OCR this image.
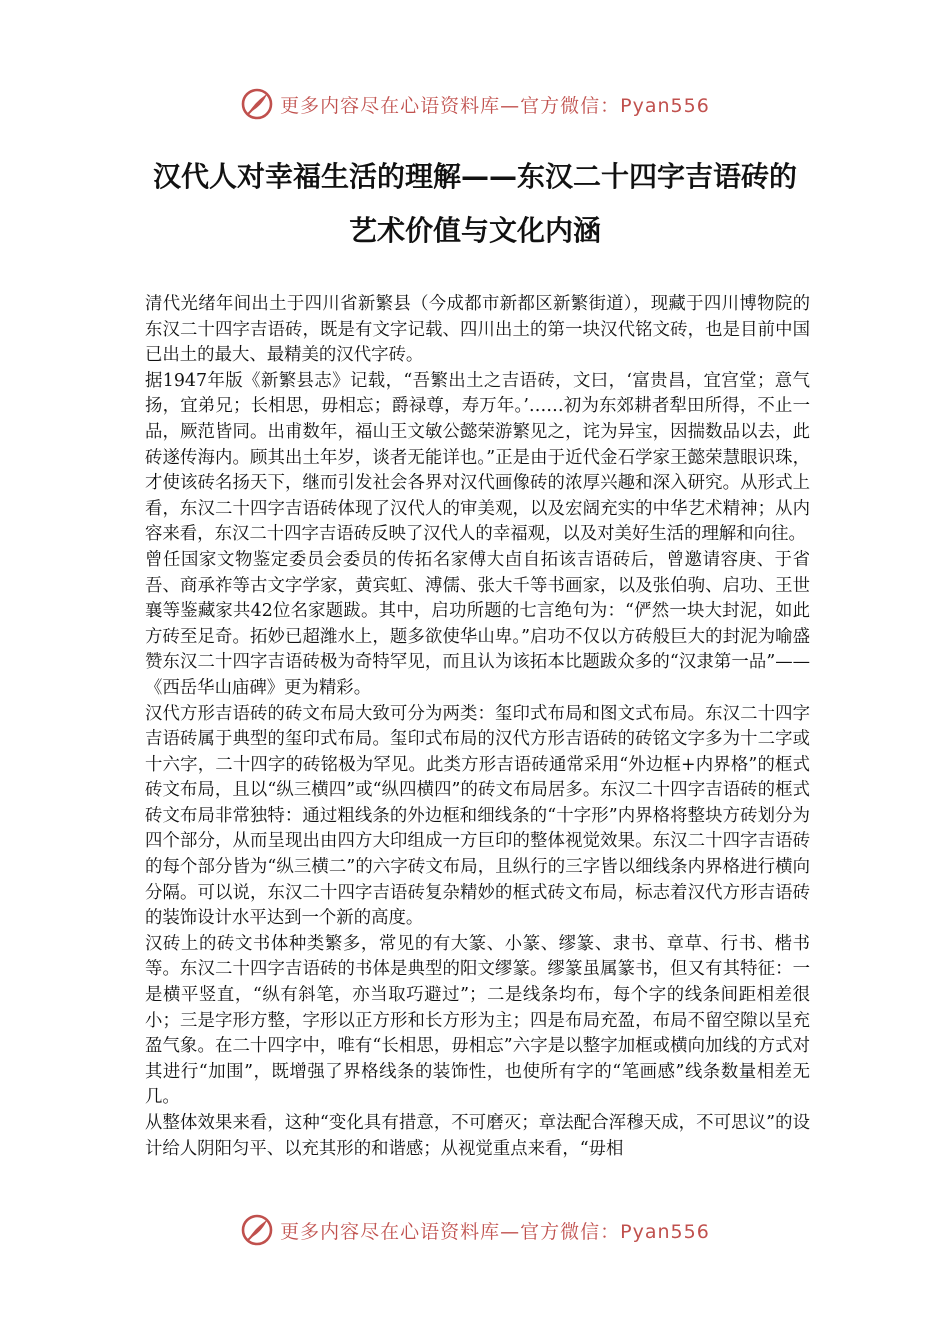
更多内容尽在心语资料库—官方微信：Pyan556
汉代人对幸福生活的理解——东汉二十四字吉语砖的
艺术价值与文化内涵

清代光绪年间出土于四川省新繁县（今成都市新都区新繁街道），现藏于四川博物院的东汉二十四字吉语砖，既是有文字记载、四川出土的第一块汉代铭文砖，也是目前中国已出土的最大、最精美的汉代字砖。

据1947年版《新繁县志》记载，“吾繁出土之吉语砖，文曰，‘富贵昌，宜宫堂；意气扬，宜弟兄；长相思，毋相忘；爵禄尊，寿万年。’……初为东郊耕者犁田所得，不止一品，厥范皆同。出甫数年，福山王文敏公懿荣游繁见之，诧为异宝，因揣数品以去，此砖遂传海内。顾其出土年岁，谈者无能详也。”正是由于近代金石学家王懿荣慧眼识珠，才使该砖名扬天下，继而引发社会各界对汉代画像砖的浓厚兴趣和深入研究。从形式上看，东汉二十四字吉语砖体现了汉代人的审美观，以及宏阔充实的中华艺术精神；从内容来看，东汉二十四字吉语砖反映了汉代人的幸福观，以及对美好生活的理解和向往。

曾任国家文物鉴定委员会委员的传拓名家傅大卣自拓该吉语砖后，曾邀请容庚、于省吾、商承祚等古文字学家，黄宾虹、溥儒、张大千等书画家，以及张伯驹、启功、王世襄等鉴藏家共42位名家题跋。其中，启功所题的七言绝句为：“俨然一块大封泥，如此方砖至足奇。拓妙已超潍水上，题多欲使华山卑。”启功不仅以方砖般巨大的封泥为喻盛赞东汉二十四字吉语砖极为奇特罕见，而且认为该拓本比题跋众多的“汉隶第一品”——《西岳华山庙碑》更为精彩。

汉代方形吉语砖的砖文布局大致可分为两类：玺印式布局和图文式布局。东汉二十四字吉语砖属于典型的玺印式布局。玺印式布局的汉代方形吉语砖的砖铭文字多为十二字或十六字，二十四字的砖铭极为罕见。此类方形吉语砖通常采用“外边框+内界格”的框式砖文布局，且以“纵三横四”或“纵四横四”的砖文布局居多。东汉二十四字吉语砖的框式砖文布局非常独特：通过粗线条的外边框和细线条的“十字形”内界格将整块方砖划分为四个部分，从而呈现出由四方大印组成一方巨印的整体视觉效果。东汉二十四字吉语砖的每个部分皆为“纵三横二”的六字砖文布局，且纵行的三字皆以细线条内界格进行横向分隔。可以说，东汉二十四字吉语砖复杂精妙的框式砖文布局，标志着汉代方形吉语砖的装饰设计水平达到一个新的高度。

汉砖上的砖文书体种类繁多，常见的有大篆、小篆、缪篆、隶书、章草、行书、楷书等。东汉二十四字吉语砖的书体是典型的阳文缪篆。缪篆虽属篆书，但又有其特征：一是横平竖直，“纵有斜笔，亦当取巧避过”；二是线条均布，每个字的线条间距相差很小；三是字形方整，字形以正方形和长方形为主；四是布局充盈，布局不留空隙以呈充盈气象。在二十四字中，唯有“长相思，毋相忘”六字是以整字加框或横向加线的方式对其进行“加围”，既增强了界格线条的装饰性，也使所有字的“笔画感”线条数量相差无几。

从整体效果来看，这种“变化具有措意，不可磨灭；章法配合浑穆天成，不可思议”的设计给人阴阳匀平、以充其形的和谐感；从视觉重点来看，“毋相

更多内容尽在心语资料库—官方微信：Pyan556
